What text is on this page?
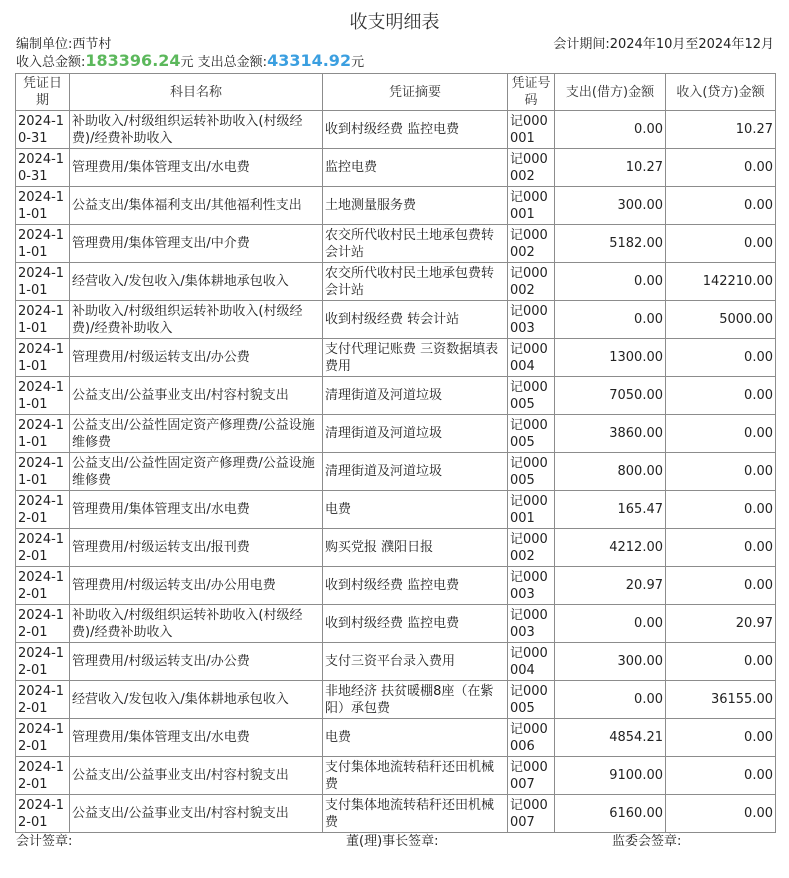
收支明细表
编制单位:西节村	会计期间:2024年10月至2024年12月
收入总金额: 183396.24 元 支出总金额: 43314.92 元
凭证日期	科目名称	凭证摘要	凭证号码	支出(借方)金额	收入(贷方)金额
2024-10-31	补助收入/村级组织运转补助收入(村级经费)/经费补助收入	收到村级经费 监控电费	记000001	0.00	10.27
2024-10-31	管理费用/集体管理支出/水电费	监控电费	记000002	10.27	0.00
2024-11-01	公益支出/集体福利支出/其他福利性支出	土地测量服务费	记000001	300.00	0.00
2024-11-01	管理费用/集体管理支出/中介费	农交所代收村民土地承包费转会计站	记000002	5182.00	0.00
2024-11-01	经营收入/发包收入/集体耕地承包收入	农交所代收村民土地承包费转会计站	记000002	0.00	142210.00
2024-11-01	补助收入/村级组织运转补助收入(村级经费)/经费补助收入	收到村级经费 转会计站	记000003	0.00	5000.00
2024-11-01	管理费用/村级运转支出/办公费	支付代理记账费 三资数据填表费用	记000004	1300.00	0.00
2024-11-01	公益支出/公益事业支出/村容村貌支出	清理街道及河道垃圾	记000005	7050.00	0.00
2024-11-01	公益支出/公益性固定资产修理费/公益设施维修费	清理街道及河道垃圾	记000005	3860.00	0.00
2024-11-01	公益支出/公益性固定资产修理费/公益设施维修费	清理街道及河道垃圾	记000005	800.00	0.00
2024-12-01	管理费用/集体管理支出/水电费	电费	记000001	165.47	0.00
2024-12-01	管理费用/村级运转支出/报刊费	购买党报 濮阳日报	记000002	4212.00	0.00
2024-12-01	管理费用/村级运转支出/办公用电费	收到村级经费 监控电费	记000003	20.97	0.00
2024-12-01	补助收入/村级组织运转补助收入(村级经费)/经费补助收入	收到村级经费 监控电费	记000003	0.00	20.97
2024-12-01	管理费用/村级运转支出/办公费	支付三资平台录入费用	记000004	300.00	0.00
2024-12-01	经营收入/发包收入/集体耕地承包收入	非地经济 扶贫暖棚8座（在紫阳）承包费	记000005	0.00	36155.00
2024-12-01	管理费用/集体管理支出/水电费	电费	记000006	4854.21	0.00
2024-12-01	公益支出/公益事业支出/村容村貌支出	支付集体地流转秸秆还田机械费	记000007	9100.00	0.00
2024-12-01	公益支出/公益事业支出/村容村貌支出	支付集体地流转秸秆还田机械费	记000007	6160.00	0.00
会计签章:	董(理)事长签章:	监委会签章:
